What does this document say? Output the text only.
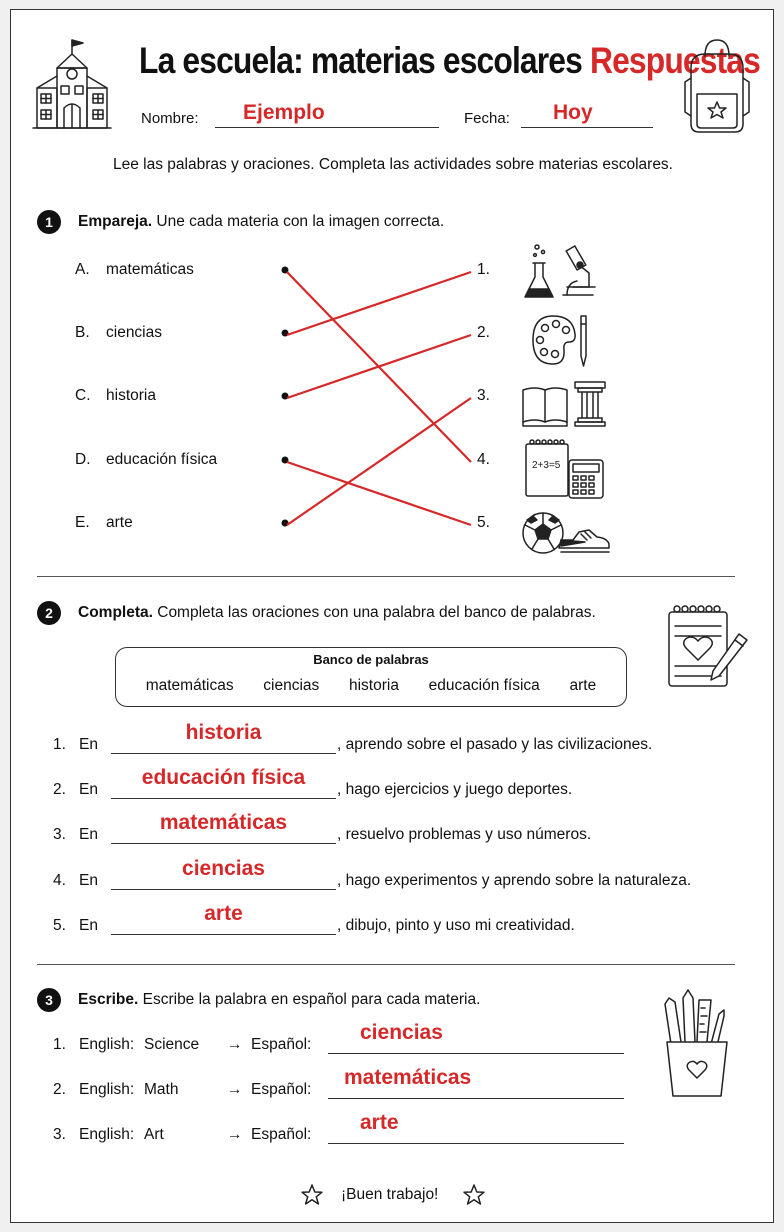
La escuela: materias escolares Respuestas
Nombre: Ejemplo	Fecha: Hoy
Lee las palabras y oraciones. Completa las actividades sobre materias escolares.
1	Empareja. Une cada materia con la imagen correcta.
A. matemáticas
B. ciencias
C. historia
D. educación física
E. arte
1.
2.
3.
4.
5.
2+3=5
2	Completa. Completa las oraciones con una palabra del banco de palabras.
Banco de palabras
matemáticas ciencias historia educación física arte
1. En
historia
, aprendo sobre el pasado y las civilizaciones.
2. En
educación física
, hago ejercicios y juego deportes.
3. En
matemáticas
, resuelvo problemas y uso números.
4. En
ciencias
, hago experimentos y aprendo sobre la naturaleza.
5. En
arte
, dibujo, pinto y uso mi creatividad.
3	Escribe. Escribe la palabra en español para cada materia.
1. English: Science → Español:
ciencias
2. English: Math	→ Español:
matemáticas
3. English: Art	→ Español:
arte
¡Buen trabajo!
